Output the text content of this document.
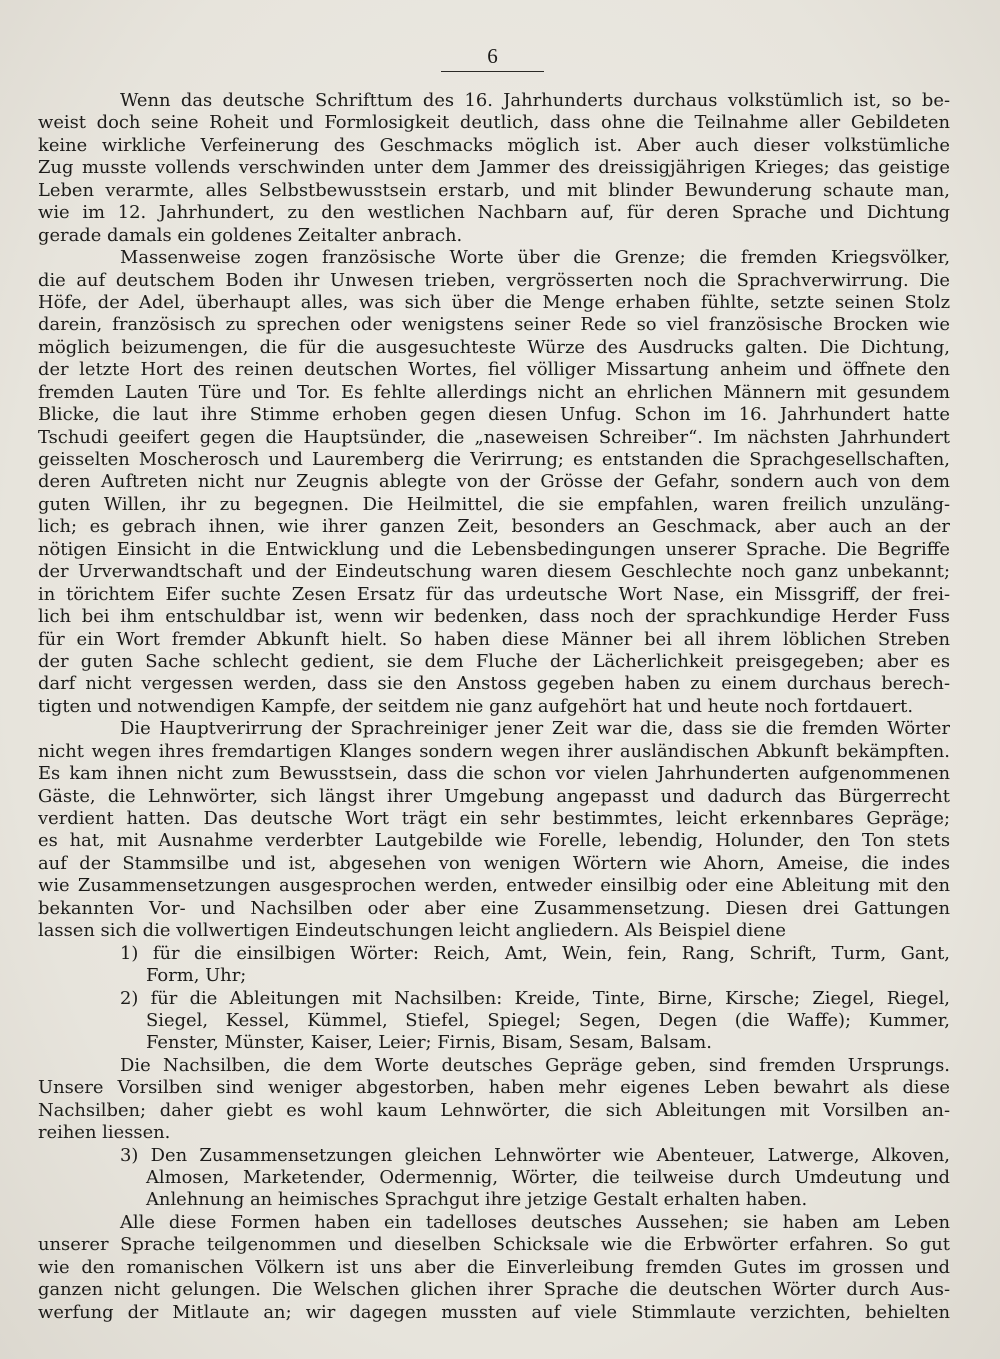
6
Wenn das deutsche Schrifttum des 16. Jahrhunderts durchaus volkstümlich ist, so be-
weist doch seine Roheit und Formlosigkeit deutlich, dass ohne die Teilnahme aller Gebildeten
keine wirkliche Verfeinerung des Geschmacks möglich ist. Aber auch dieser volkstümliche
Zug musste vollends verschwinden unter dem Jammer des dreissigjährigen Krieges; das geistige
Leben verarmte, alles Selbstbewusstsein erstarb, und mit blinder Bewunderung schaute man,
wie im 12. Jahrhundert, zu den westlichen Nachbarn auf, für deren Sprache und Dichtung
gerade damals ein goldenes Zeitalter anbrach.
Massenweise zogen französische Worte über die Grenze; die fremden Kriegsvölker,
die auf deutschem Boden ihr Unwesen trieben, vergrösserten noch die Sprachverwirrung. Die
Höfe, der Adel, überhaupt alles, was sich über die Menge erhaben fühlte, setzte seinen Stolz
darein, französisch zu sprechen oder wenigstens seiner Rede so viel französische Brocken wie
möglich beizumengen, die für die ausgesuchteste Würze des Ausdrucks galten. Die Dichtung,
der letzte Hort des reinen deutschen Wortes, fiel völliger Missartung anheim und öffnete den
fremden Lauten Türe und Tor. Es fehlte allerdings nicht an ehrlichen Männern mit gesundem
Blicke, die laut ihre Stimme erhoben gegen diesen Unfug. Schon im 16. Jahrhundert hatte
Tschudi geeifert gegen die Hauptsünder, die „naseweisen Schreiber“. Im nächsten Jahrhundert
geisselten Moscherosch und Lauremberg die Verirrung; es entstanden die Sprachgesellschaften,
deren Auftreten nicht nur Zeugnis ablegte von der Grösse der Gefahr, sondern auch von dem
guten Willen, ihr zu begegnen. Die Heilmittel, die sie empfahlen, waren freilich unzuläng-
lich; es gebrach ihnen, wie ihrer ganzen Zeit, besonders an Geschmack, aber auch an der
nötigen Einsicht in die Entwicklung und die Lebensbedingungen unserer Sprache. Die Begriffe
der Urverwandtschaft und der Eindeutschung waren diesem Geschlechte noch ganz unbekannt;
in törichtem Eifer suchte Zesen Ersatz für das urdeutsche Wort Nase, ein Missgriff, der frei-
lich bei ihm entschuldbar ist, wenn wir bedenken, dass noch der sprachkundige Herder Fuss
für ein Wort fremder Abkunft hielt. So haben diese Männer bei all ihrem löblichen Streben
der guten Sache schlecht gedient, sie dem Fluche der Lächerlichkeit preisgegeben; aber es
darf nicht vergessen werden, dass sie den Anstoss gegeben haben zu einem durchaus berech-
tigten und notwendigen Kampfe, der seitdem nie ganz aufgehört hat und heute noch fortdauert.
Die Hauptverirrung der Sprachreiniger jener Zeit war die, dass sie die fremden Wörter
nicht wegen ihres fremdartigen Klanges sondern wegen ihrer ausländischen Abkunft bekämpften.
Es kam ihnen nicht zum Bewusstsein, dass die schon vor vielen Jahrhunderten aufgenommenen
Gäste, die Lehnwörter, sich längst ihrer Umgebung angepasst und dadurch das Bürgerrecht
verdient hatten. Das deutsche Wort trägt ein sehr bestimmtes, leicht erkennbares Gepräge;
es hat, mit Ausnahme verderbter Lautgebilde wie Forelle, lebendig, Holunder, den Ton stets
auf der Stammsilbe und ist, abgesehen von wenigen Wörtern wie Ahorn, Ameise, die indes
wie Zusammensetzungen ausgesprochen werden, entweder einsilbig oder eine Ableitung mit den
bekannten Vor- und Nachsilben oder aber eine Zusammensetzung. Diesen drei Gattungen
lassen sich die vollwertigen Eindeutschungen leicht angliedern. Als Beispiel diene
1) für die einsilbigen Wörter: Reich, Amt, Wein, fein, Rang, Schrift, Turm, Gant,
Form, Uhr;
2) für die Ableitungen mit Nachsilben: Kreide, Tinte, Birne, Kirsche; Ziegel, Riegel,
Siegel, Kessel, Kümmel, Stiefel, Spiegel; Segen, Degen (die Waffe); Kummer,
Fenster, Münster, Kaiser, Leier; Firnis, Bisam, Sesam, Balsam.
Die Nachsilben, die dem Worte deutsches Gepräge geben, sind fremden Ursprungs.
Unsere Vorsilben sind weniger abgestorben, haben mehr eigenes Leben bewahrt als diese
Nachsilben; daher giebt es wohl kaum Lehnwörter, die sich Ableitungen mit Vorsilben an-
reihen liessen.
3) Den Zusammensetzungen gleichen Lehnwörter wie Abenteuer, Latwerge, Alkoven,
Almosen, Marketender, Odermennig, Wörter, die teilweise durch Umdeutung und
Anlehnung an heimisches Sprachgut ihre jetzige Gestalt erhalten haben.
Alle diese Formen haben ein tadelloses deutsches Aussehen; sie haben am Leben
unserer Sprache teilgenommen und dieselben Schicksale wie die Erbwörter erfahren. So gut
wie den romanischen Völkern ist uns aber die Einverleibung fremden Gutes im grossen und
ganzen nicht gelungen. Die Welschen glichen ihrer Sprache die deutschen Wörter durch Aus-
werfung der Mitlaute an; wir dagegen mussten auf viele Stimmlaute verzichten, behielten
